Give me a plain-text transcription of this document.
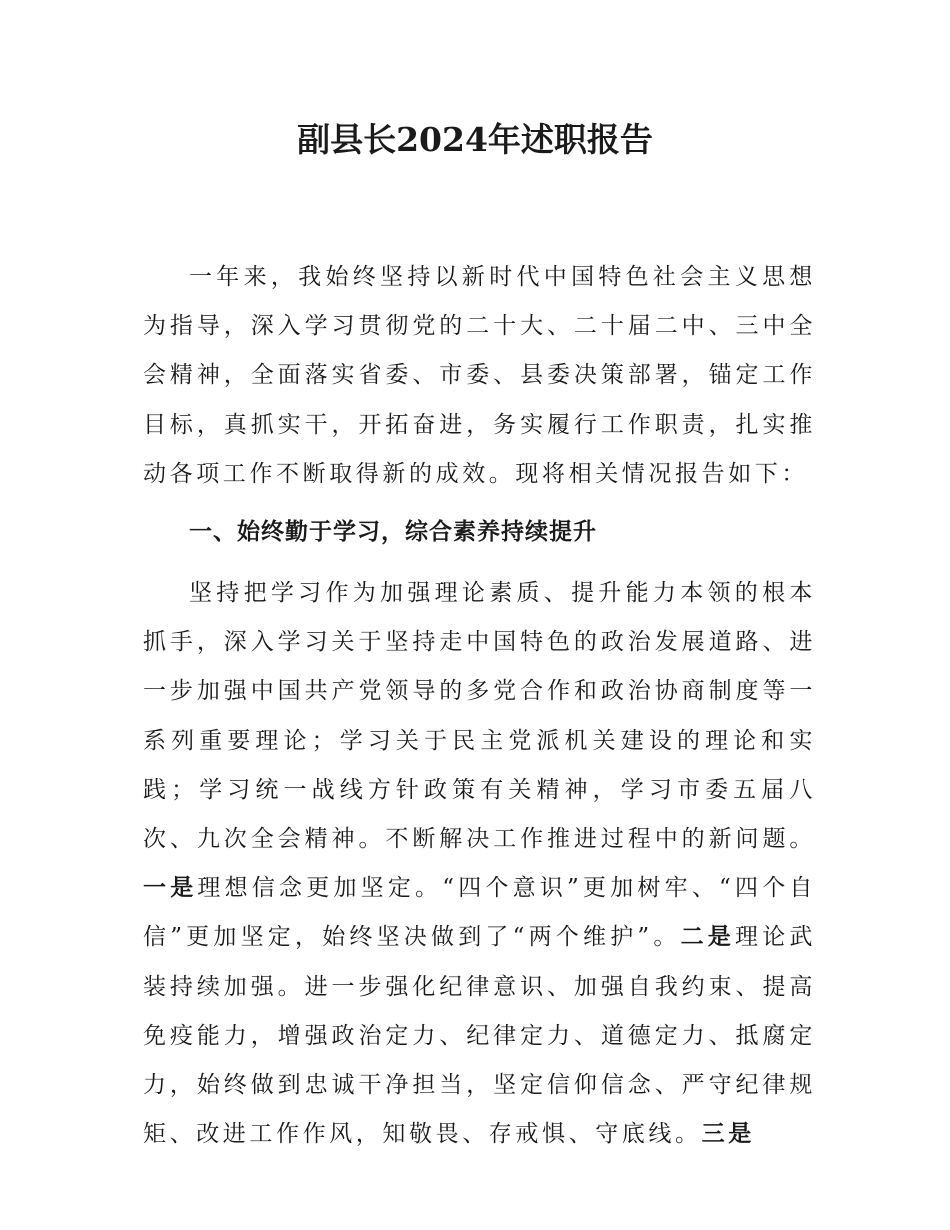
副县长2024年述职报告

一年来，我始终坚持以新时代中国特色社会主义思想为指导，深入学习贯彻党的二十大、二十届二中、三中全会精神，全面落实省委、市委、县委决策部署，锚定工作目标，真抓实干，开拓奋进，务实履行工作职责，扎实推动各项工作不断取得新的成效。现将相关情况报告如下：

一、始终勤于学习，综合素养持续提升

坚持把学习作为加强理论素质、提升能力本领的根本抓手，深入学习关于坚持走中国特色的政治发展道路、进一步加强中国共产党领导的多党合作和政治协商制度等一系列重要理论；学习关于民主党派机关建设的理论和实践；学习统一战线方针政策有关精神，学习市委五届八次、九次全会精神。不断解决工作推进过程中的新问题。一是理想信念更加坚定。“四个意识”更加树牢、“四个自信”更加坚定，始终坚决做到了“两个维护”。二是理论武装持续加强。进一步强化纪律意识、加强自我约束、提高免疫能力，增强政治定力、纪律定力、道德定力、抵腐定力，始终做到忠诚干净担当，坚定信仰信念、严守纪律规矩、改进工作作风，知敬畏、存戒惧、守底线。三是
